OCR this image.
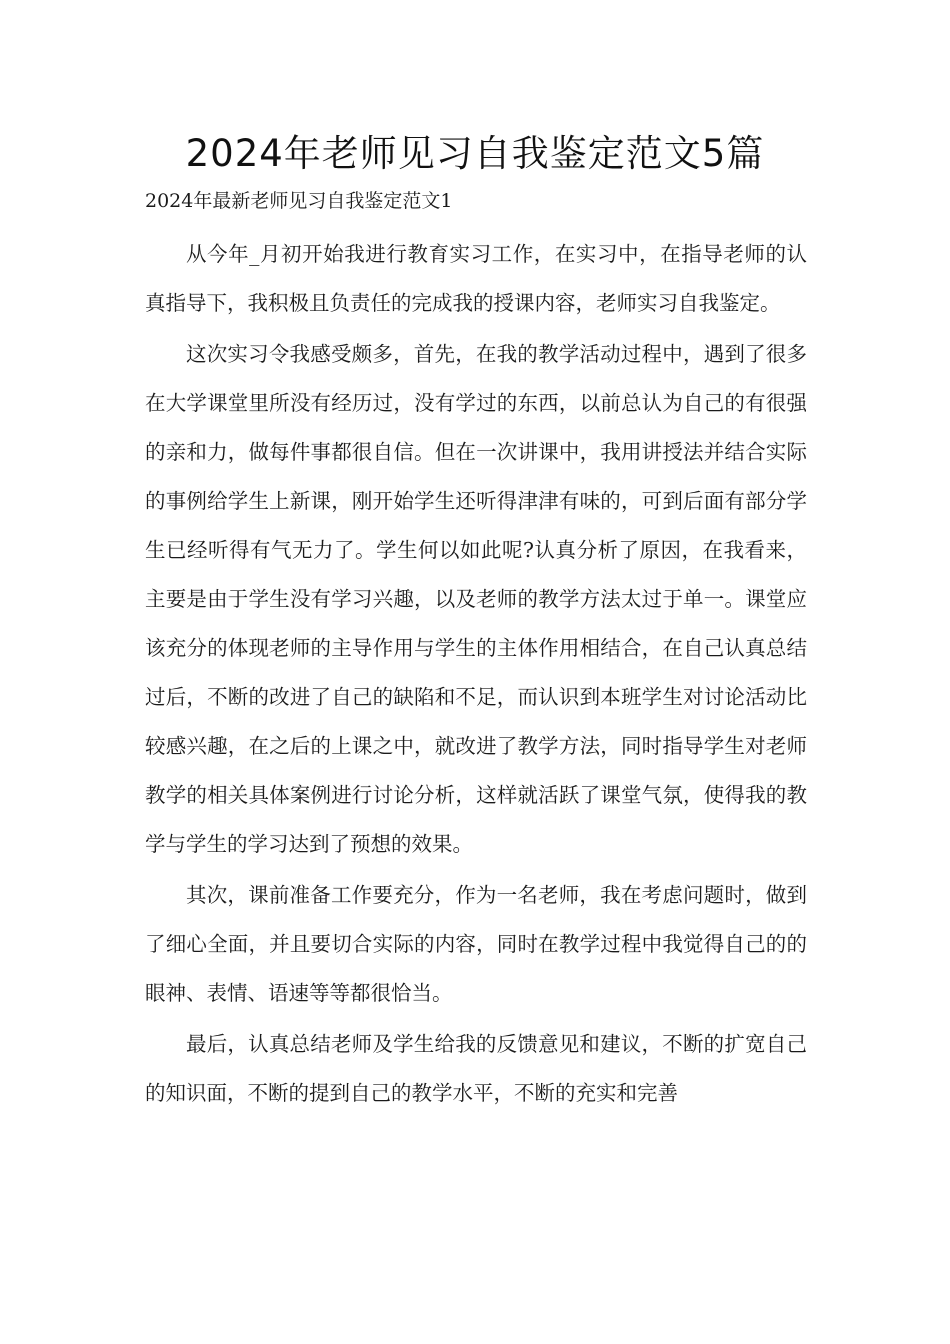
2024年老师见习自我鉴定范文5篇

2024年最新老师见习自我鉴定范文1

从今年_月初开始我进行教育实习工作，在实习中，在指导老师的认真指导下，我积极且负责任的完成我的授课内容，老师实习自我鉴定。

这次实习令我感受颇多，首先，在我的教学活动过程中，遇到了很多在大学课堂里所没有经历过，没有学过的东西，以前总认为自己的有很强的亲和力，做每件事都很自信。但在一次讲课中，我用讲授法并结合实际的事例给学生上新课，刚开始学生还听得津津有味的，可到后面有部分学生已经听得有气无力了。学生何以如此呢?认真分析了原因，在我看来，主要是由于学生没有学习兴趣，以及老师的教学方法太过于单一。课堂应该充分的体现老师的主导作用与学生的主体作用相结合，在自己认真总结过后，不断的改进了自己的缺陷和不足，而认识到本班学生对讨论活动比较感兴趣，在之后的上课之中，就改进了教学方法，同时指导学生对老师教学的相关具体案例进行讨论分析，这样就活跃了课堂气氛，使得我的教学与学生的学习达到了预想的效果。

其次，课前准备工作要充分，作为一名老师，我在考虑问题时，做到了细心全面，并且要切合实际的内容，同时在教学过程中我觉得自己的的眼神、表情、语速等等都很恰当。

最后，认真总结老师及学生给我的反馈意见和建议，不断的扩宽自己的知识面，不断的提到自己的教学水平，不断的充实和完善
